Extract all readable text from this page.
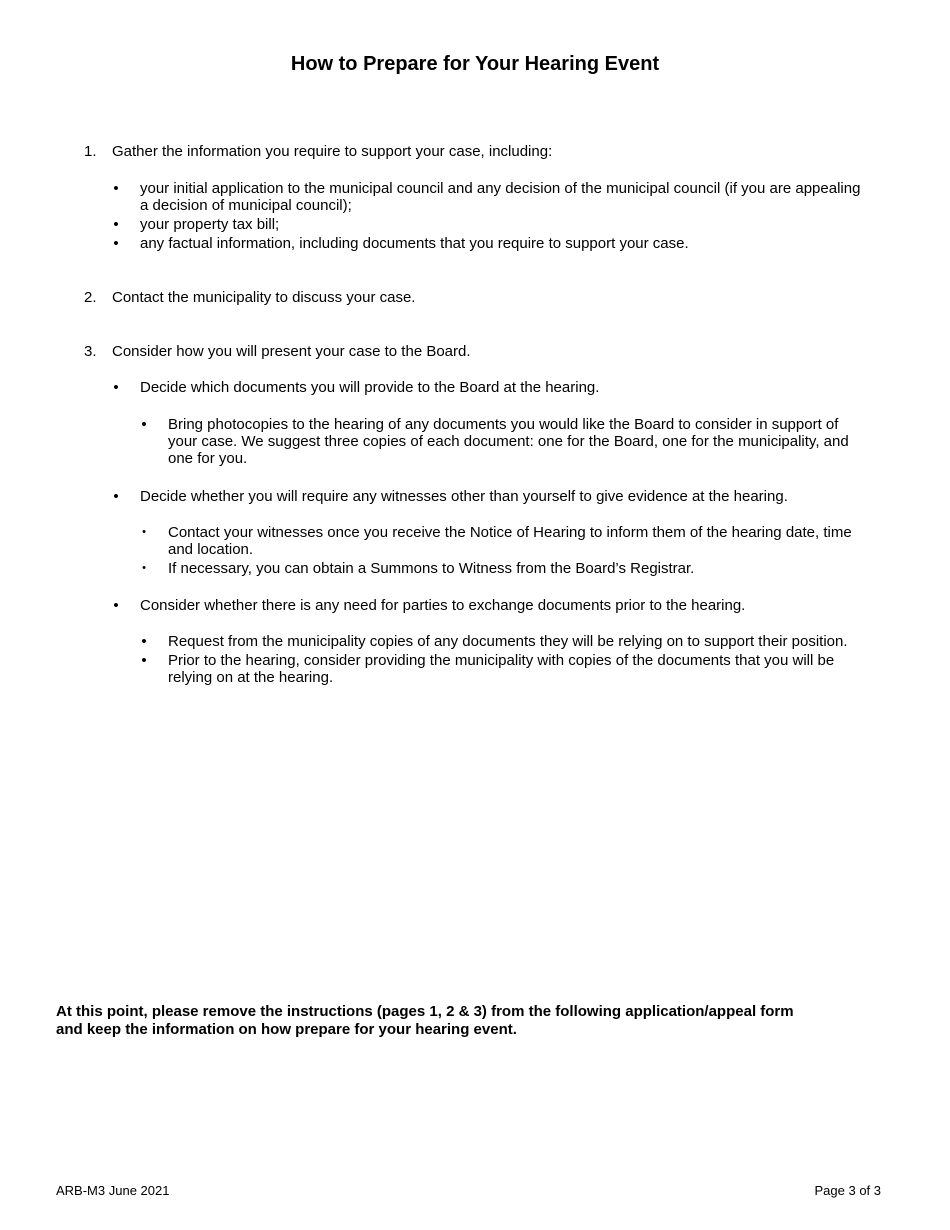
How to Prepare for Your Hearing Event
1.	Gather the information you require to support your case, including:
• your initial application to the municipal council and any decision of the municipal council (if you are appealing
a decision of municipal council);
• your property tax bill;
• any factual information, including documents that you require to support your case.
2.	Contact the municipality to discuss your case.
3.	Consider how you will present your case to the Board.
• Decide which documents you will provide to the Board at the hearing.
• Bring photocopies to the hearing of any documents you would like the Board to consider in support of
your case. We suggest three copies of each document: one for the Board, one for the municipality, and
one for you.
• Decide whether you will require any witnesses other than yourself to give evidence at the hearing.
•	Contact your witnesses once you receive the Notice of Hearing to inform them of the hearing date, time
and location.
•	If necessary, you can obtain a Summons to Witness from the Board’s Registrar.
• Consider whether there is any need for parties to exchange documents prior to the hearing.
• Request from the municipality copies of any documents they will be relying on to support their position.
• Prior to the hearing, consider providing the municipality with copies of the documents that you will be
relying on at the hearing.
At this point, please remove the instructions (pages 1, 2 & 3) from the following application/appeal form
and keep the information on how prepare for your hearing event.
ARB-M3 June 2021	Page 3 of 3
